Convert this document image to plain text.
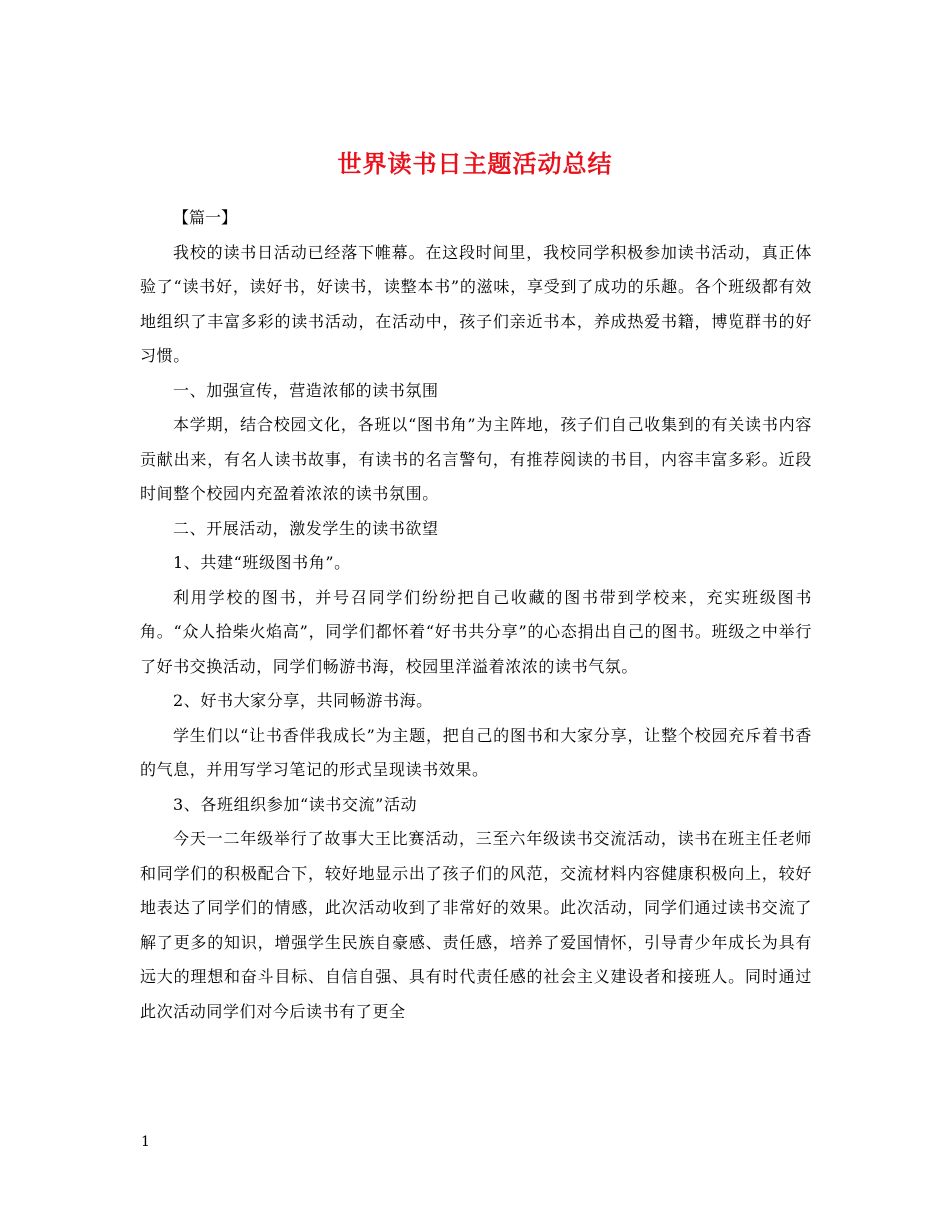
世界读书日主题活动总结

【篇一】

我校的读书日活动已经落下帷幕。在这段时间里，我校同学积极参加读书活动，真正体验了“读书好，读好书，好读书，读整本书”的滋味，享受到了成功的乐趣。各个班级都有效地组织了丰富多彩的读书活动，在活动中，孩子们亲近书本，养成热爱书籍，博览群书的好习惯。

一、加强宣传，营造浓郁的读书氛围

本学期，结合校园文化，各班以“图书角”为主阵地，孩子们自己收集到的有关读书内容贡献出来，有名人读书故事，有读书的名言警句，有推荐阅读的书目，内容丰富多彩。近段时间整个校园内充盈着浓浓的读书氛围。

二、开展活动，激发学生的读书欲望

1、共建“班级图书角”。

利用学校的图书，并号召同学们纷纷把自己收藏的图书带到学校来，充实班级图书角。“众人拾柴火焰高”，同学们都怀着“好书共分享”的心态捐出自己的图书。班级之中举行了好书交换活动，同学们畅游书海，校园里洋溢着浓浓的读书气氛。

2、好书大家分享，共同畅游书海。

学生们以“让书香伴我成长”为主题，把自己的图书和大家分享，让整个校园充斥着书香的气息，并用写学习笔记的形式呈现读书效果。

3、各班组织参加“读书交流”活动

今天一二年级举行了故事大王比赛活动，三至六年级读书交流活动，读书在班主任老师和同学们的积极配合下，较好地显示出了孩子们的风范，交流材料内容健康积极向上，较好地表达了同学们的情感，此次活动收到了非常好的效果。此次活动，同学们通过读书交流了解了更多的知识，增强学生民族自豪感、责任感，培养了爱国情怀，引导青少年成长为具有远大的理想和奋斗目标、自信自强、具有时代责任感的社会主义建设者和接班人。同时通过此次活动同学们对今后读书有了更全

1
